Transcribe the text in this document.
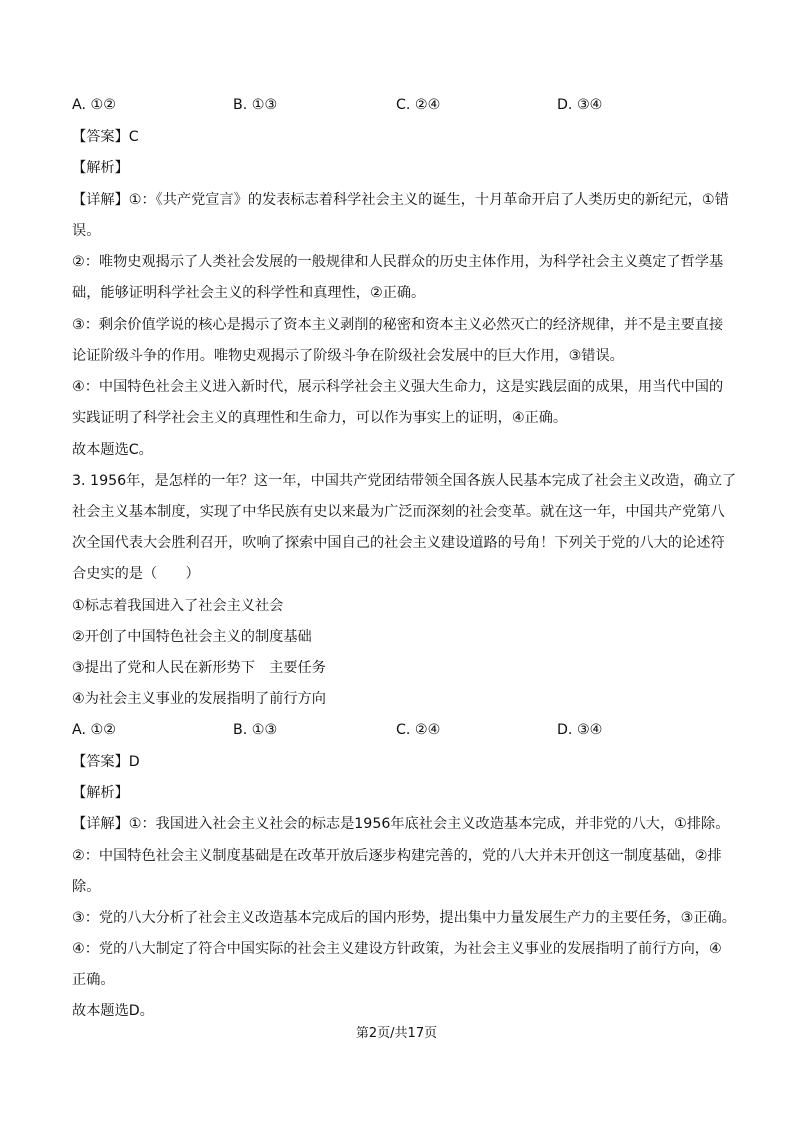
A. ①②	B. ①③	C. ②④	D. ③④
【答案】C
【解析】
【详解】①：《共产党宣言》的发表标志着科学社会主义的诞生，十月革命开启了人类历史的新纪元，①错
误。
②：唯物史观揭示了人类社会发展的一般规律和人民群众的历史主体作用，为科学社会主义奠定了哲学基
础，能够证明科学社会主义的科学性和真理性，②正确。
③：剩余价值学说的核心是揭示了资本主义剥削的秘密和资本主义必然灭亡的经济规律，并不是主要直接
论证阶级斗争的作用。唯物史观揭示了阶级斗争在阶级社会发展中的巨大作用，③错误。
④：中国特色社会主义进入新时代，展示科学社会主义强大生命力，这是实践层面的成果，用当代中国的
实践证明了科学社会主义的真理性和生命力，可以作为事实上的证明，④正确。
故本题选C。
3. 1956年，是怎样的一年？这一年，中国共产党团结带领全国各族人民基本完成了社会主义改造，确立了
社会主义基本制度，实现了中华民族有史以来最为广泛而深刻的社会变革。就在这一年，中国共产党第八
次全国代表大会胜利召开，吹响了探索中国自己的社会主义建设道路的号角！下列关于党的八大的论述符
合史实的是（　　）
①标志着我国进入了社会主义社会
②开创了中国特色社会主义的制度基础
③提出了党和人民在新形势下　主要任务
④为社会主义事业的发展指明了前行方向
A. ①②	B. ①③	C. ②④	D. ③④
【答案】D
【解析】
【详解】①：我国进入社会主义社会的标志是1956年底社会主义改造基本完成，并非党的八大，①排除。
②：中国特色社会主义制度基础是在改革开放后逐步构建完善的，党的八大并未开创这一制度基础，②排
除。
③：党的八大分析了社会主义改造基本完成后的国内形势，提出集中力量发展生产力的主要任务，③正确。
④：党的八大制定了符合中国实际的社会主义建设方针政策，为社会主义事业的发展指明了前行方向，④
正确。
故本题选D。
第2页/共17页
